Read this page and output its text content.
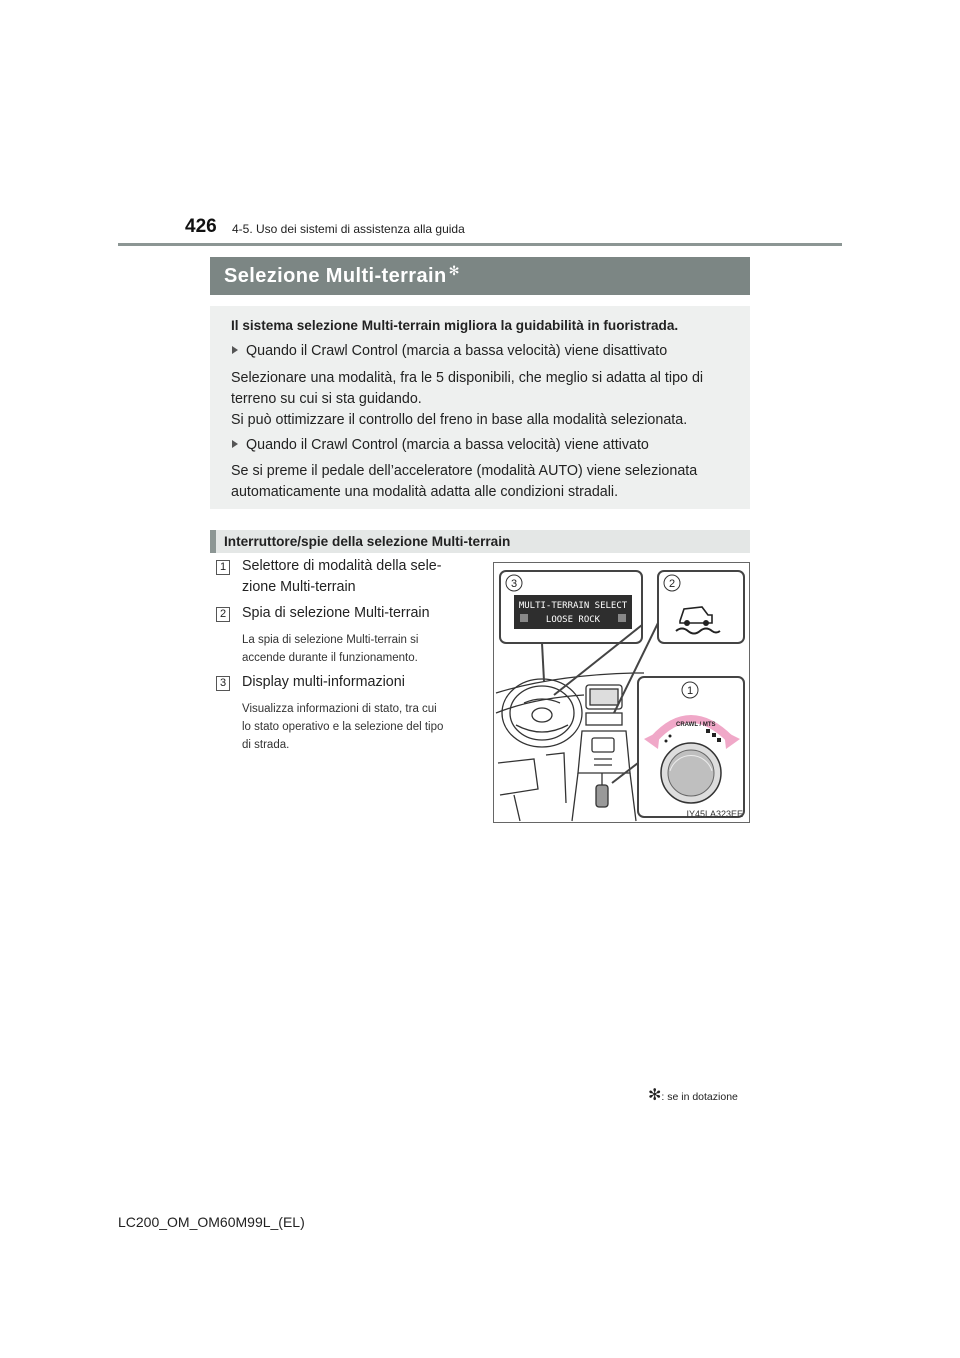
426 4-5. Uso dei sistemi di assistenza alla guida
Selezione Multi-terrain ✻
Il sistema selezione Multi-terrain migliora la guidabilità in fuoristrada.
Quando il Crawl Control (marcia a bassa velocità) viene disattivato
Selezionare una modalità, fra le 5 disponibili, che meglio si adatta al tipo di
terreno su cui si sta guidando.
Si può ottimizzare il controllo del freno in base alla modalità selezionata.
Quando il Crawl Control (marcia a bassa velocità) viene attivato
Se si preme il pedale dell’acceleratore (modalità AUTO) viene selezionata
automaticamente una modalità adatta alle condizioni stradali.
Interruttore/spie della selezione Multi-terrain
1 Selettore di modalità della sele-
zione Multi-terrain
2 Spia di selezione Multi-terrain
La spia di selezione Multi-terrain si
accende durante il funzionamento.
3 Display multi-informazioni
Visualizza informazioni di stato, tra cui
lo stato operativo e la selezione del tipo
di strada.
MULTI-TERRAIN SELECT
LOOSE ROCK
3	2
1
CRAWL / MTS
IY45LA323EE
✻: se in dotazione
LC200_OM_OM60M99L_(EL)
